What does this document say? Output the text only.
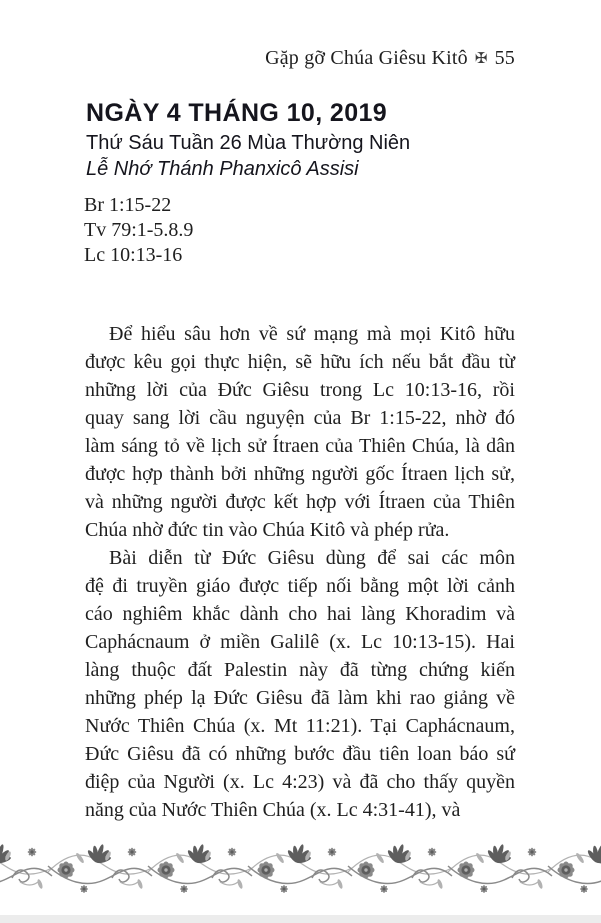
Gặp gỡ Chúa Giêsu Kitô ✠ 55
NGÀY 4 THÁNG 10, 2019
Thứ Sáu Tuần 26 Mùa Thường Niên
Lễ Nhớ Thánh Phanxicô Assisi
Br 1:15-22
Tv 79:1-5.8.9
Lc 10:13-16
Để hiểu sâu hơn về sứ mạng mà mọi Kitô hữu
được kêu gọi thực hiện, sẽ hữu ích nếu bắt đầu từ
những lời của Đức Giêsu trong Lc 10:13-16, rồi
quay sang lời cầu nguyện của Br 1:15-22, nhờ đó
làm sáng tỏ về lịch sử Ítraen của Thiên Chúa, là dân
được hợp thành bởi những người gốc Ítraen lịch sử,
và những người được kết hợp với Ítraen của Thiên
Chúa nhờ đức tin vào Chúa Kitô và phép rửa.
Bài diễn từ Đức Giêsu dùng để sai các môn
đệ đi truyền giáo được tiếp nối bằng một lời cảnh
cáo nghiêm khắc dành cho hai làng Khoradim và
Caphácnaum ở miền Galilê (x. Lc 10:13-15). Hai
làng thuộc đất Palestin này đã từng chứng kiến
những phép lạ Đức Giêsu đã làm khi rao giảng về
Nước Thiên Chúa (x. Mt 11:21). Tại Caphácnaum,
Đức Giêsu đã có những bước đầu tiên loan báo sứ
điệp của Người (x. Lc 4:23) và đã cho thấy quyền
năng của Nước Thiên Chúa (x. Lc 4:31-41), và
